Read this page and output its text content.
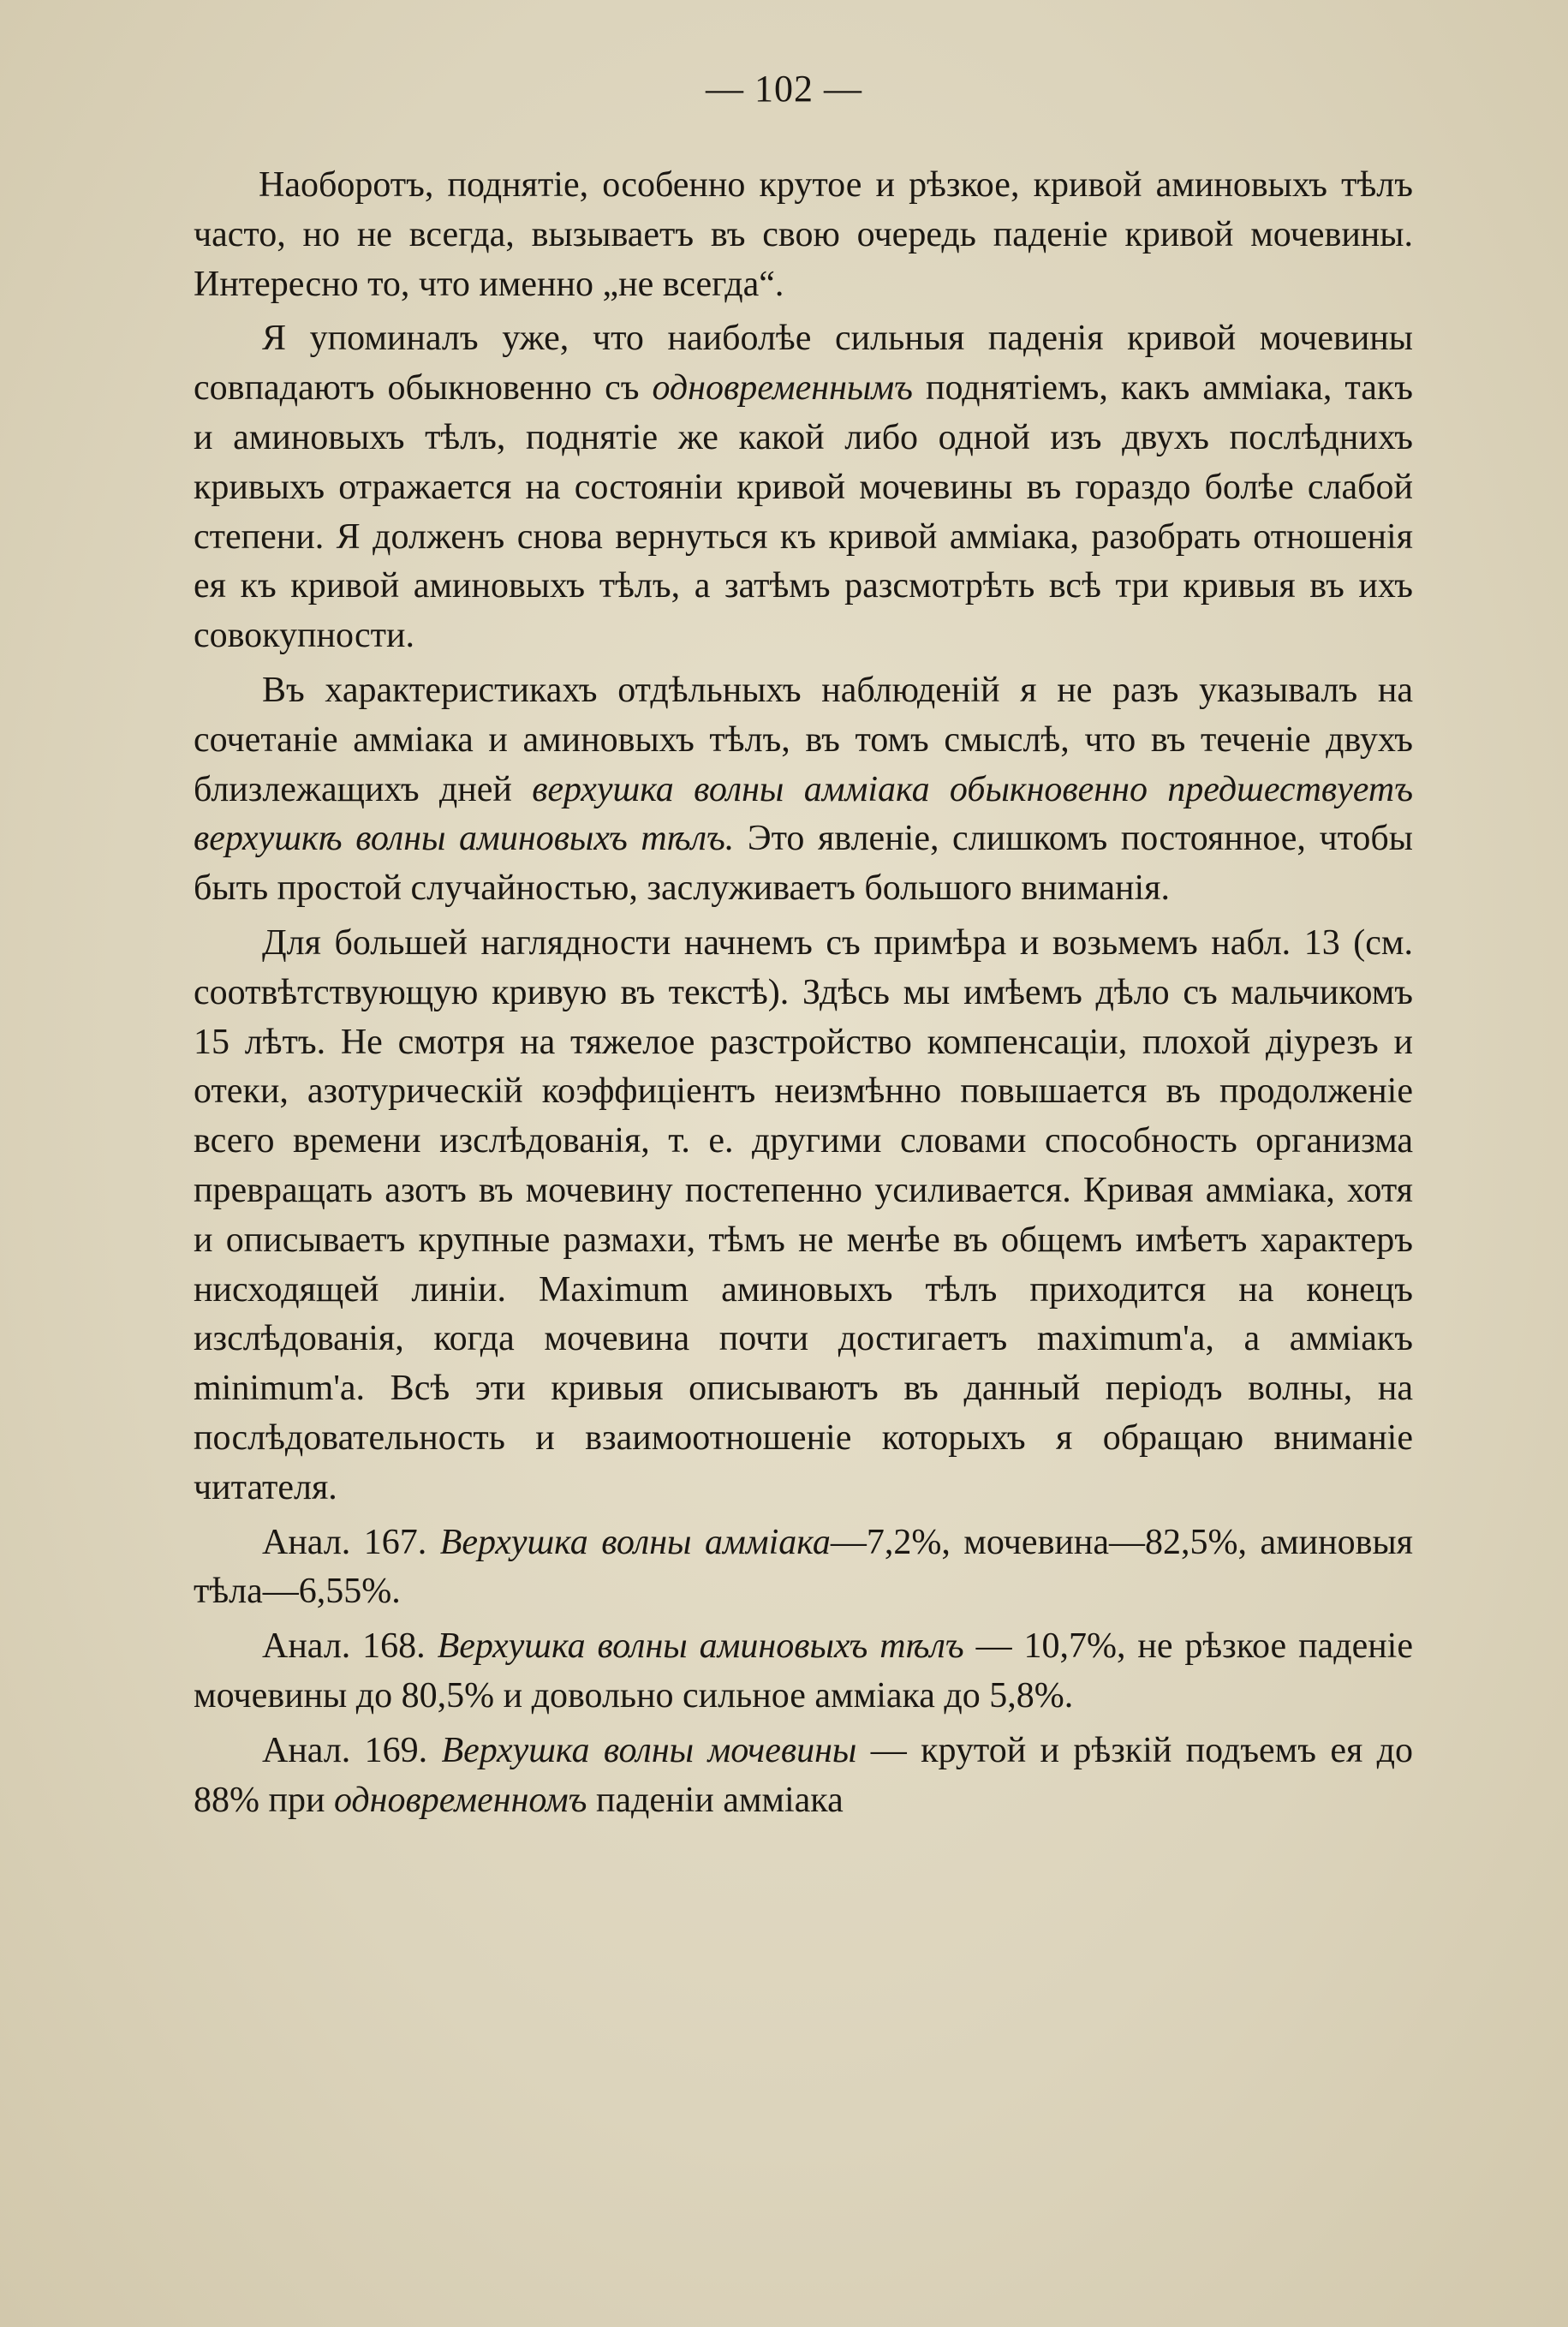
— 102 —

Наоборотъ, поднятіе, особенно крутое и рѣзкое, кривой аминовыхъ тѣлъ часто, но не всегда, вызываетъ въ свою очередь паденіе кривой мочевины. Интересно то, что именно „не всегда“.

Я упоминалъ уже, что наиболѣе сильныя паденія кривой мочевины совпадаютъ обыкновенно съ одновременнымъ поднятіемъ, какъ амміака, такъ и аминовыхъ тѣлъ, поднятіе же какой либо одной изъ двухъ послѣднихъ кривыхъ отражается на состояніи кривой мочевины въ гораздо болѣе слабой степени. Я долженъ снова вернуться къ кривой амміака, разобрать отношенія ея къ кривой аминовыхъ тѣлъ, а затѣмъ разсмотрѣть всѣ три кривыя въ ихъ совокупности.

Въ характеристикахъ отдѣльныхъ наблюденій я не разъ указывалъ на сочетаніе амміака и аминовыхъ тѣлъ, въ томъ смыслѣ, что въ теченіе двухъ близлежащихъ дней верхушка волны амміака обыкновенно предшествуетъ верхушкѣ волны аминовыхъ тѣлъ. Это явленіе, слишкомъ постоянное, чтобы быть простой случайностью, заслуживаетъ большого вниманія.

Для большей наглядности начнемъ съ примѣра и возьмемъ набл. 13 (см. соотвѣтствующую кривую въ текстѣ). Здѣсь мы имѣемъ дѣло съ мальчикомъ 15 лѣтъ. Не смотря на тяжелое разстройство компенсаціи, плохой діурезъ и отеки, азотурическій коэффиціентъ неизмѣнно повышается въ продолженіе всего времени изслѣдованія, т. е. другими словами способность организма превращать азотъ въ мочевину постепенно усиливается. Кривая амміака, хотя и описываетъ крупные размахи, тѣмъ не менѣе въ общемъ имѣетъ характеръ нисходящей линіи. Maximum аминовыхъ тѣлъ приходится на конецъ изслѣдованія, когда мочевина почти достигаетъ maximum'a, а амміакъ minimum'a. Всѣ эти кривыя описываютъ въ данный періодъ волны, на послѣдовательность и взаимоотношеніе которыхъ я обращаю вниманіе читателя.

Анал. 167. Верхушка волны амміака—7,2%, мочевина—82,5%, аминовыя тѣла—6,55%.

Анал. 168. Верхушка волны аминовыхъ тѣлъ — 10,7%, не рѣзкое паденіе мочевины до 80,5% и довольно сильное амміака до 5,8%.

Анал. 169. Верхушка волны мочевины — крутой и рѣзкій подъемъ ея до 88% при одновременномъ паденіи амміака
